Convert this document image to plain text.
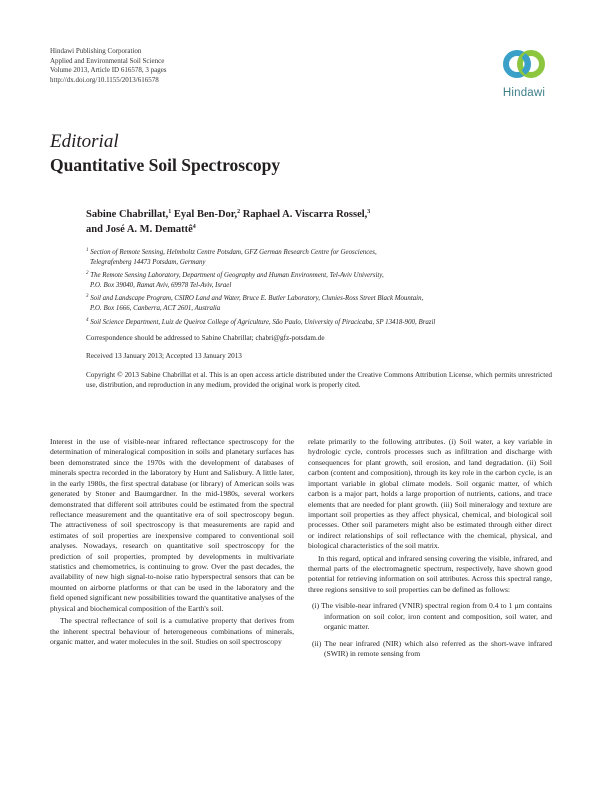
Hindawi Publishing Corporation
Applied and Environmental Soil Science
Volume 2013, Article ID 616578, 3 pages
http://dx.doi.org/10.1155/2013/616578
Hindawi
Editorial
Quantitative Soil Spectroscopy
Sabine Chabrillat,$^1$ Eyal Ben-Dor,$^2$ Raphael A. Viscarra Rossel,$^3$
and José A. M. Demattê$^4$
$^1$ Section of Remote Sensing, Helmholtz Centre Potsdam, GFZ German Research Centre for Geosciences,
Telegrafenberg 14473 Potsdam, Germany
$^2$ The Remote Sensing Laboratory, Department of Geography and Human Environment, Tel-Aviv University,
P.O. Box 39040, Ramat Aviv, 69978 Tel-Aviv, Israel
$^3$ Soil and Landscape Program, CSIRO Land and Water, Bruce E. Butler Laboratory, Clunies-Ross Street Black Mountain,
P.O. Box 1666, Canberra, ACT 2601, Australia
$^4$ Soil Science Department, Luiz de Queiroz College of Agriculture, São Paulo, University of Piracicaba, SP 13418-900, Brazil
Correspondence should be addressed to Sabine Chabrillat; chabri@gfz-potsdam.de
Received 13 January 2013; Accepted 13 January 2013
Copyright © 2013 Sabine Chabrillat et al. This is an open access article distributed under the Creative Commons Attribution License, which permits unrestricted use, distribution, and reproduction in any medium, provided the original work is properly cited.

Interest in the use of visible-near infrared reflectance spectroscopy for the determination of mineralogical composition in soils and planetary surfaces has been demonstrated since the 1970s with the development of databases of minerals spectra recorded in the laboratory by Hunt and Salisbury. A little later, in the early 1980s, the first spectral database (or library) of American soils was generated by Stoner and Baumgardner. In the mid-1980s, several workers demonstrated that different soil attributes could be estimated from the spectral reflectance measurement and the quantitative era of soil spectroscopy begun. The attractiveness of soil spectroscopy is that measurements are rapid and estimates of soil properties are inexpensive compared to conventional soil analyses. Nowadays, research on quantitative soil spectroscopy for the prediction of soil properties, prompted by developments in multivariate statistics and chemometrics, is continuing to grow. Over the past decades, the availability of new high signal-to-noise ratio hyperspectral sensors that can be mounted on airborne platforms or that can be used in the laboratory and the field opened significant new possibilities toward the quantitative analyses of the physical and biochemical composition of the Earth's soil.

The spectral reflectance of soil is a cumulative property that derives from the inherent spectral behaviour of heterogeneous combinations of minerals, organic matter, and water molecules in the soil. Studies on soil spectroscopy

relate primarily to the following attributes. (i) Soil water, a key variable in hydrologic cycle, controls processes such as infiltration and discharge with consequences for plant growth, soil erosion, and land degradation. (ii) Soil carbon (content and composition), through its key role in the carbon cycle, is an important variable in global climate models. Soil organic matter, of which carbon is a major part, holds a large proportion of nutrients, cations, and trace elements that are needed for plant growth. (iii) Soil mineralogy and texture are important soil properties as they affect physical, chemical, and biological soil processes. Other soil parameters might also be estimated through either direct or indirect relationships of soil reflectance with the chemical, physical, and biological characteristics of the soil matrix.

In this regard, optical and infrared sensing covering the visible, infrared, and thermal parts of the electromagnetic spectrum, respectively, have shown good potential for retrieving information on soil attributes. Across this spectral range, three regions sensitive to soil properties can be defined as follows:

(i) The visible-near infrared (VNIR) spectral region from 0.4 to 1 μm contains information on soil color, iron content and composition, soil water, and organic matter.
(ii) The near infrared (NIR) which also referred as the short-wave infrared (SWIR) in remote sensing from
